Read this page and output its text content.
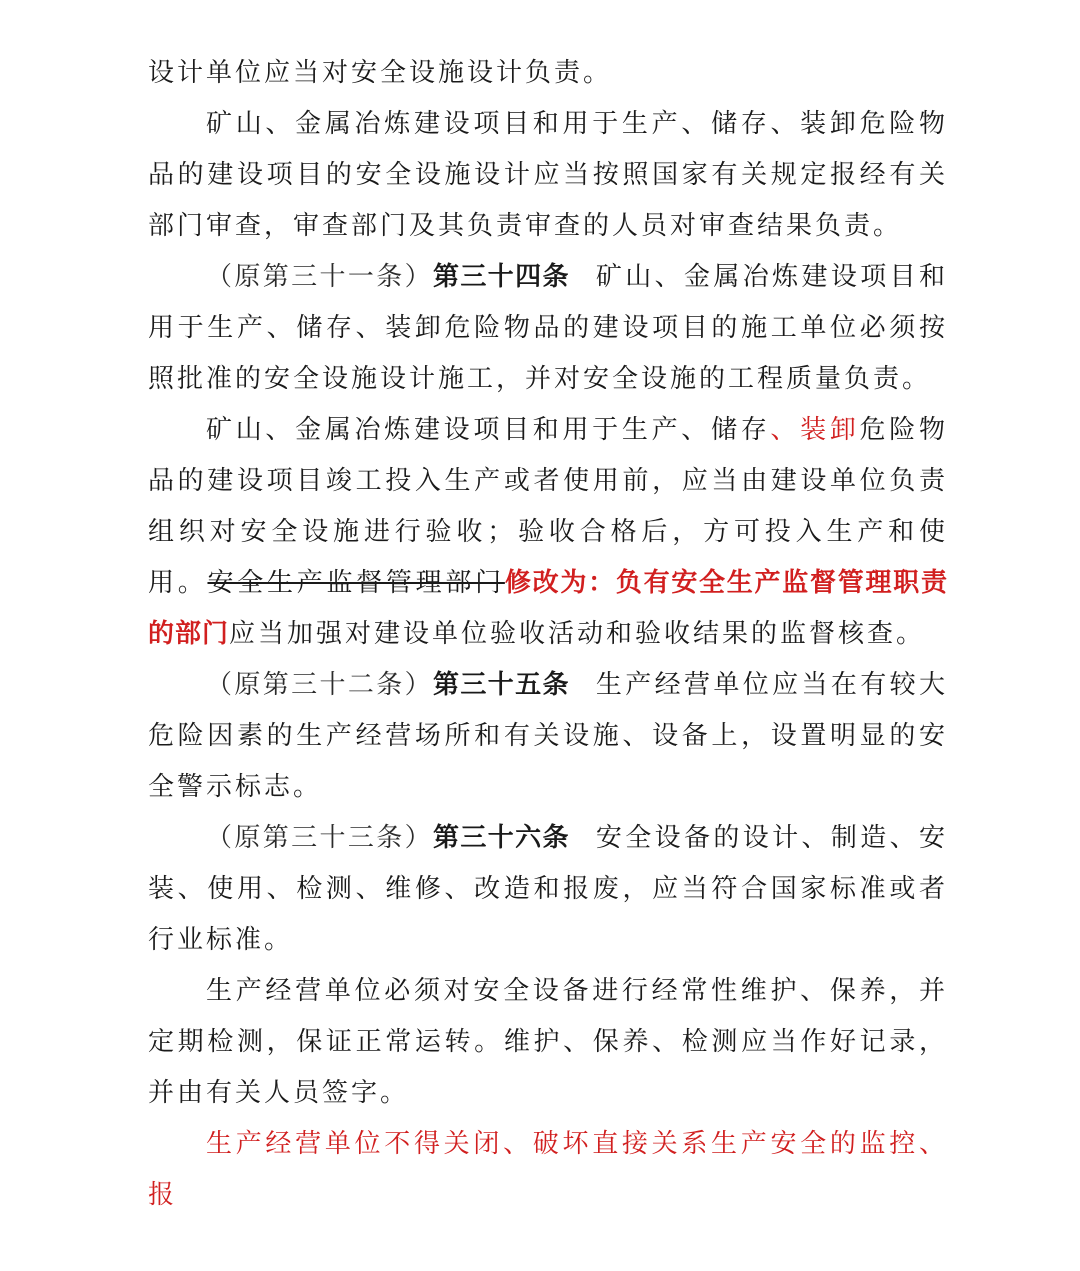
设计单位应当对安全设施设计负责。

矿山、金属冶炼建设项目和用于生产、储存、装卸危险物品的建设项目的安全设施设计应当按照国家有关规定报经有关部门审查，审查部门及其负责审查的人员对审查结果负责。

（原第三十一条）第三十四条 矿山、金属冶炼建设项目和用于生产、储存、装卸危险物品的建设项目的施工单位必须按照批准的安全设施设计施工，并对安全设施的工程质量负责。

矿山、金属冶炼建设项目和用于生产、储存、装卸危险物品的建设项目竣工投入生产或者使用前，应当由建设单位负责组织对安全设施进行验收；验收合格后，方可投入生产和使用。安全生产监督管理部门修改为：负有安全生产监督管理职责的部门应当加强对建设单位验收活动和验收结果的监督核查。

（原第三十二条）第三十五条 生产经营单位应当在有较大危险因素的生产经营场所和有关设施、设备上，设置明显的安全警示标志。

（原第三十三条）第三十六条 安全设备的设计、制造、安装、使用、检测、维修、改造和报废，应当符合国家标准或者行业标准。

生产经营单位必须对安全设备进行经常性维护、保养，并定期检测，保证正常运转。维护、保养、检测应当作好记录，并由有关人员签字。

生产经营单位不得关闭、破坏直接关系生产安全的监控、报
